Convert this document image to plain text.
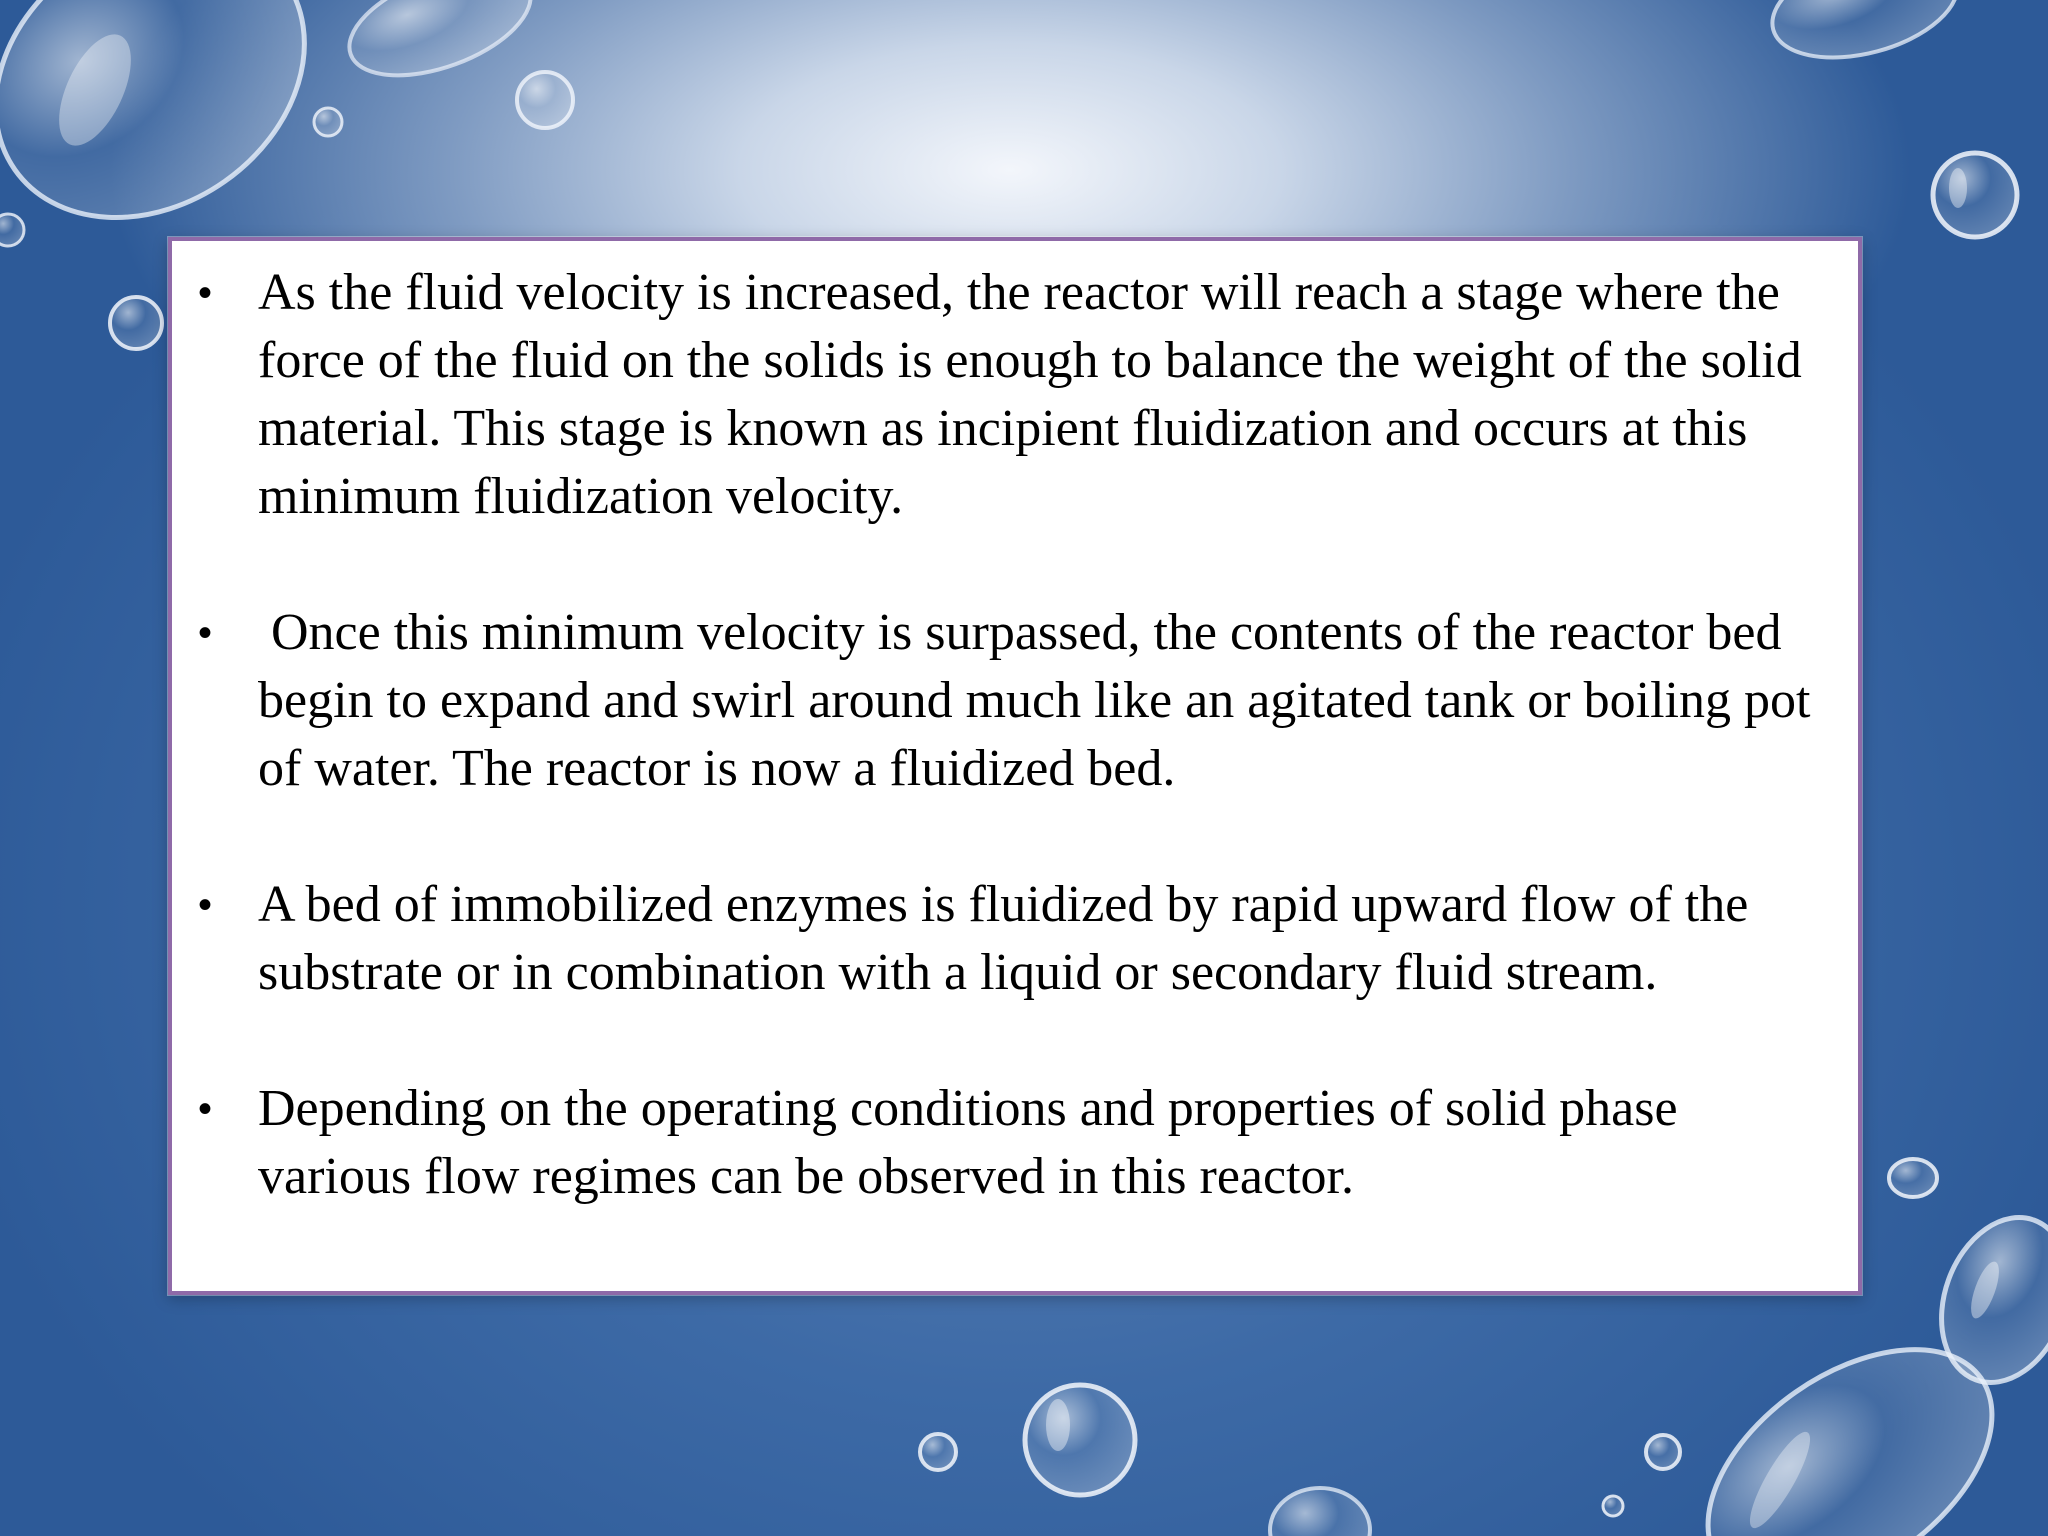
• As the fluid velocity is increased, the reactor will reach a stage where the force of the fluid on the solids is enough to balance the weight of the solid material. This stage is known as incipient fluidization and occurs at this minimum fluidization velocity.
• Once this minimum velocity is surpassed, the contents of the reactor bed begin to expand and swirl around much like an agitated tank or boiling pot of water. The reactor is now a fluidized bed.
• A bed of immobilized enzymes is fluidized by rapid upward flow of the substrate or in combination with a liquid or secondary fluid stream.
• Depending on the operating conditions and properties of solid phase various flow regimes can be observed in this reactor.
